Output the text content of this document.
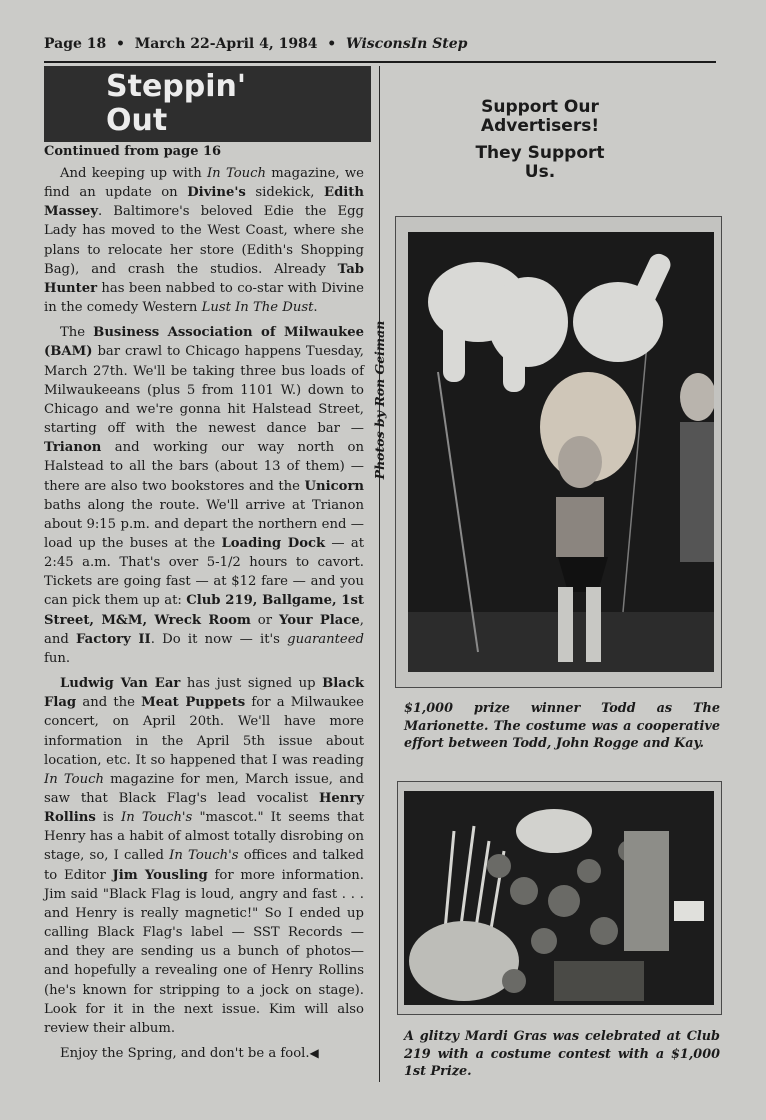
Page 18 • March 22-April 4, 1984 • WisconsIn Step
Steppin'
Out
Continued from page 16

And keeping up with In Touch magazine, we find an update on Divine's sidekick, Edith Massey. Baltimore's beloved Edie the Egg Lady has moved to the West Coast, where she plans to relocate her store (Edith's Shopping Bag), and crash the studios. Already Tab Hunter has been nabbed to co-star with Divine in the comedy Western Lust In The Dust.

The Business Association of Milwaukee (BAM) bar crawl to Chicago happens Tuesday, March 27th. We'll be taking three bus loads of Milwaukeeans (plus 5 from 1101 W.) down to Chicago and we're gonna hit Halstead Street, starting off with the newest dance bar — Trianon and working our way north on Halstead to all the bars (about 13 of them) — there are also two bookstores and the Unicorn baths along the route. We'll arrive at Trianon about 9:15 p.m. and depart the northern end — load up the buses at the Loading Dock — at 2:45 a.m. That's over 5-1/2 hours to cavort. Tickets are going fast — at $12 fare — and you can pick them up at: Club 219, Ballgame, 1st Street, M&M, Wreck Room or Your Place, and Factory II. Do it now — it's guaranteed fun.

Ludwig Van Ear has just signed up Black Flag and the Meat Puppets for a Milwaukee concert, on April 20th. We'll have more information in the April 5th issue about location, etc. It so happened that I was reading In Touch magazine for men, March issue, and saw that Black Flag's lead vocalist Henry Rollins is In Touch's "mascot." It seems that Henry has a habit of almost totally disrobing on stage, so, I called In Touch's offices and talked to Editor Jim Yousling for more information. Jim said "Black Flag is loud, angry and fast . . . and Henry is really magnetic!" So I ended up calling Black Flag's label — SST Records — and they are sending us a bunch of photos— and hopefully a revealing one of Henry Rollins (he's known for stripping to a jock on stage). Look for it in the next issue. Kim will also review their album.

Enjoy the Spring, and don't be a fool.◀

Support Our
Advertisers!
They Support
Us.
Photos by Ron Geiman
$1,000 prize winner Todd as The Marionette. The costume was a cooperative effort between Todd, John Rogge and Kay.
A glitzy Mardi Gras was celebrated at Club 219 with a costume contest with a $1,000 1st Prize.
